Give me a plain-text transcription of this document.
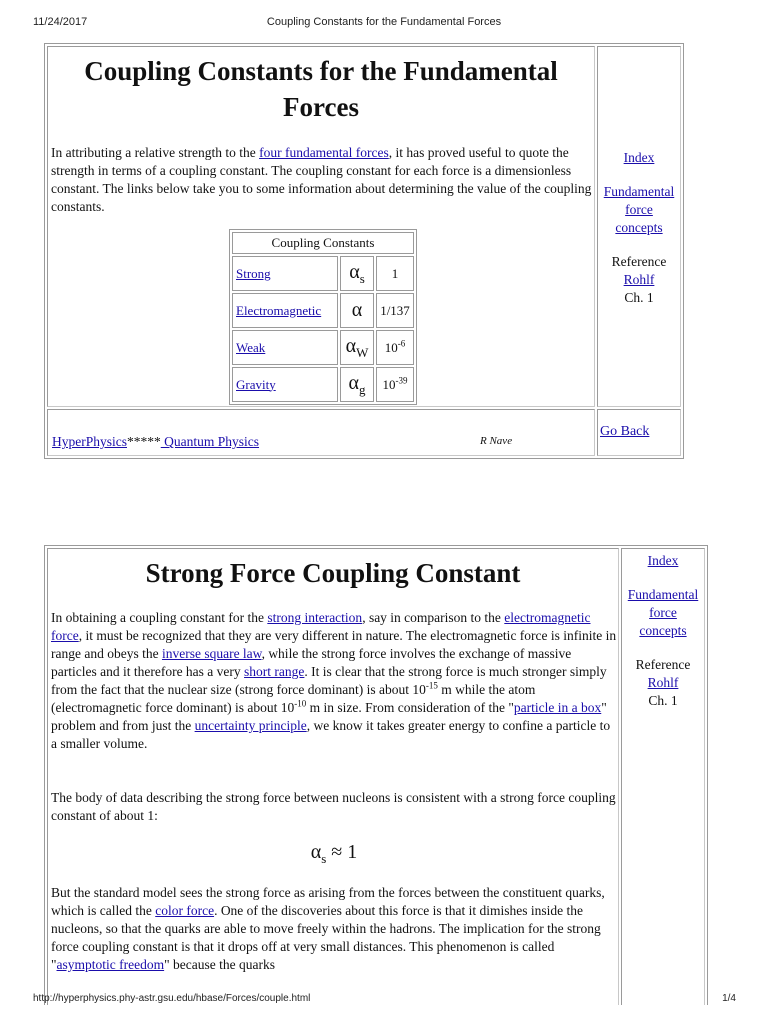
11/24/2017	Coupling Constants for the Fundamental Forces
Coupling Constants for the Fundamental Forces

In attributing a relative strength to the four fundamental forces, it has proved useful to quote the strength in terms of a coupling constant. The coupling constant for each force is a dimensionless constant. The links below take you to some information about determining the value of the coupling constants.

Coupling Constants		
Strong	$\alpha_s$	1
Electromagnetic	α	1/137
Weak	$\alpha_W$	$10^{-6}$
Gravity	$\alpha_g$	$10^{-39}$
Index
Fundamental
force
concepts
Reference
Rohlf
Ch. 1
HyperPhysics***** Quantum Physics	R Nave
Go Back
Strong Force Coupling Constant

In obtaining a coupling constant for the strong interaction, say in comparison to the electromagnetic force, it must be recognized that they are very different in nature. The electromagnetic force is infinite in range and obeys the inverse square law, while the strong force involves the exchange of massive particles and it therefore has a very short range. It is clear that the strong force is much stronger simply from the fact that the nuclear size (strong force dominant) is about $10^{-15}$ m while the atom (electromagnetic force dominant) is about $10^{-10}$ m in size. From consideration of the "particle in a box" problem and from just the uncertainty principle, we know it takes greater energy to confine a particle to a smaller volume.

The body of data describing the strong force between nucleons is consistent with a strong force coupling constant of about 1:

$\alpha_s \approx 1$

But the standard model sees the strong force as arising from the forces between the constituent quarks, which is called the color force. One of the discoveries about this force is that it dimishes inside the nucleons, so that the quarks are able to move freely within the hadrons. The implication for the strong force coupling constant is that it drops off at very small distances. This phenomenon is called "asymptotic freedom" because the quarks

Index
Fundamental
force
concepts
Reference
Rohlf
Ch. 1
http://hyperphysics.phy-astr.gsu.edu/hbase/Forces/couple.html	1/4
